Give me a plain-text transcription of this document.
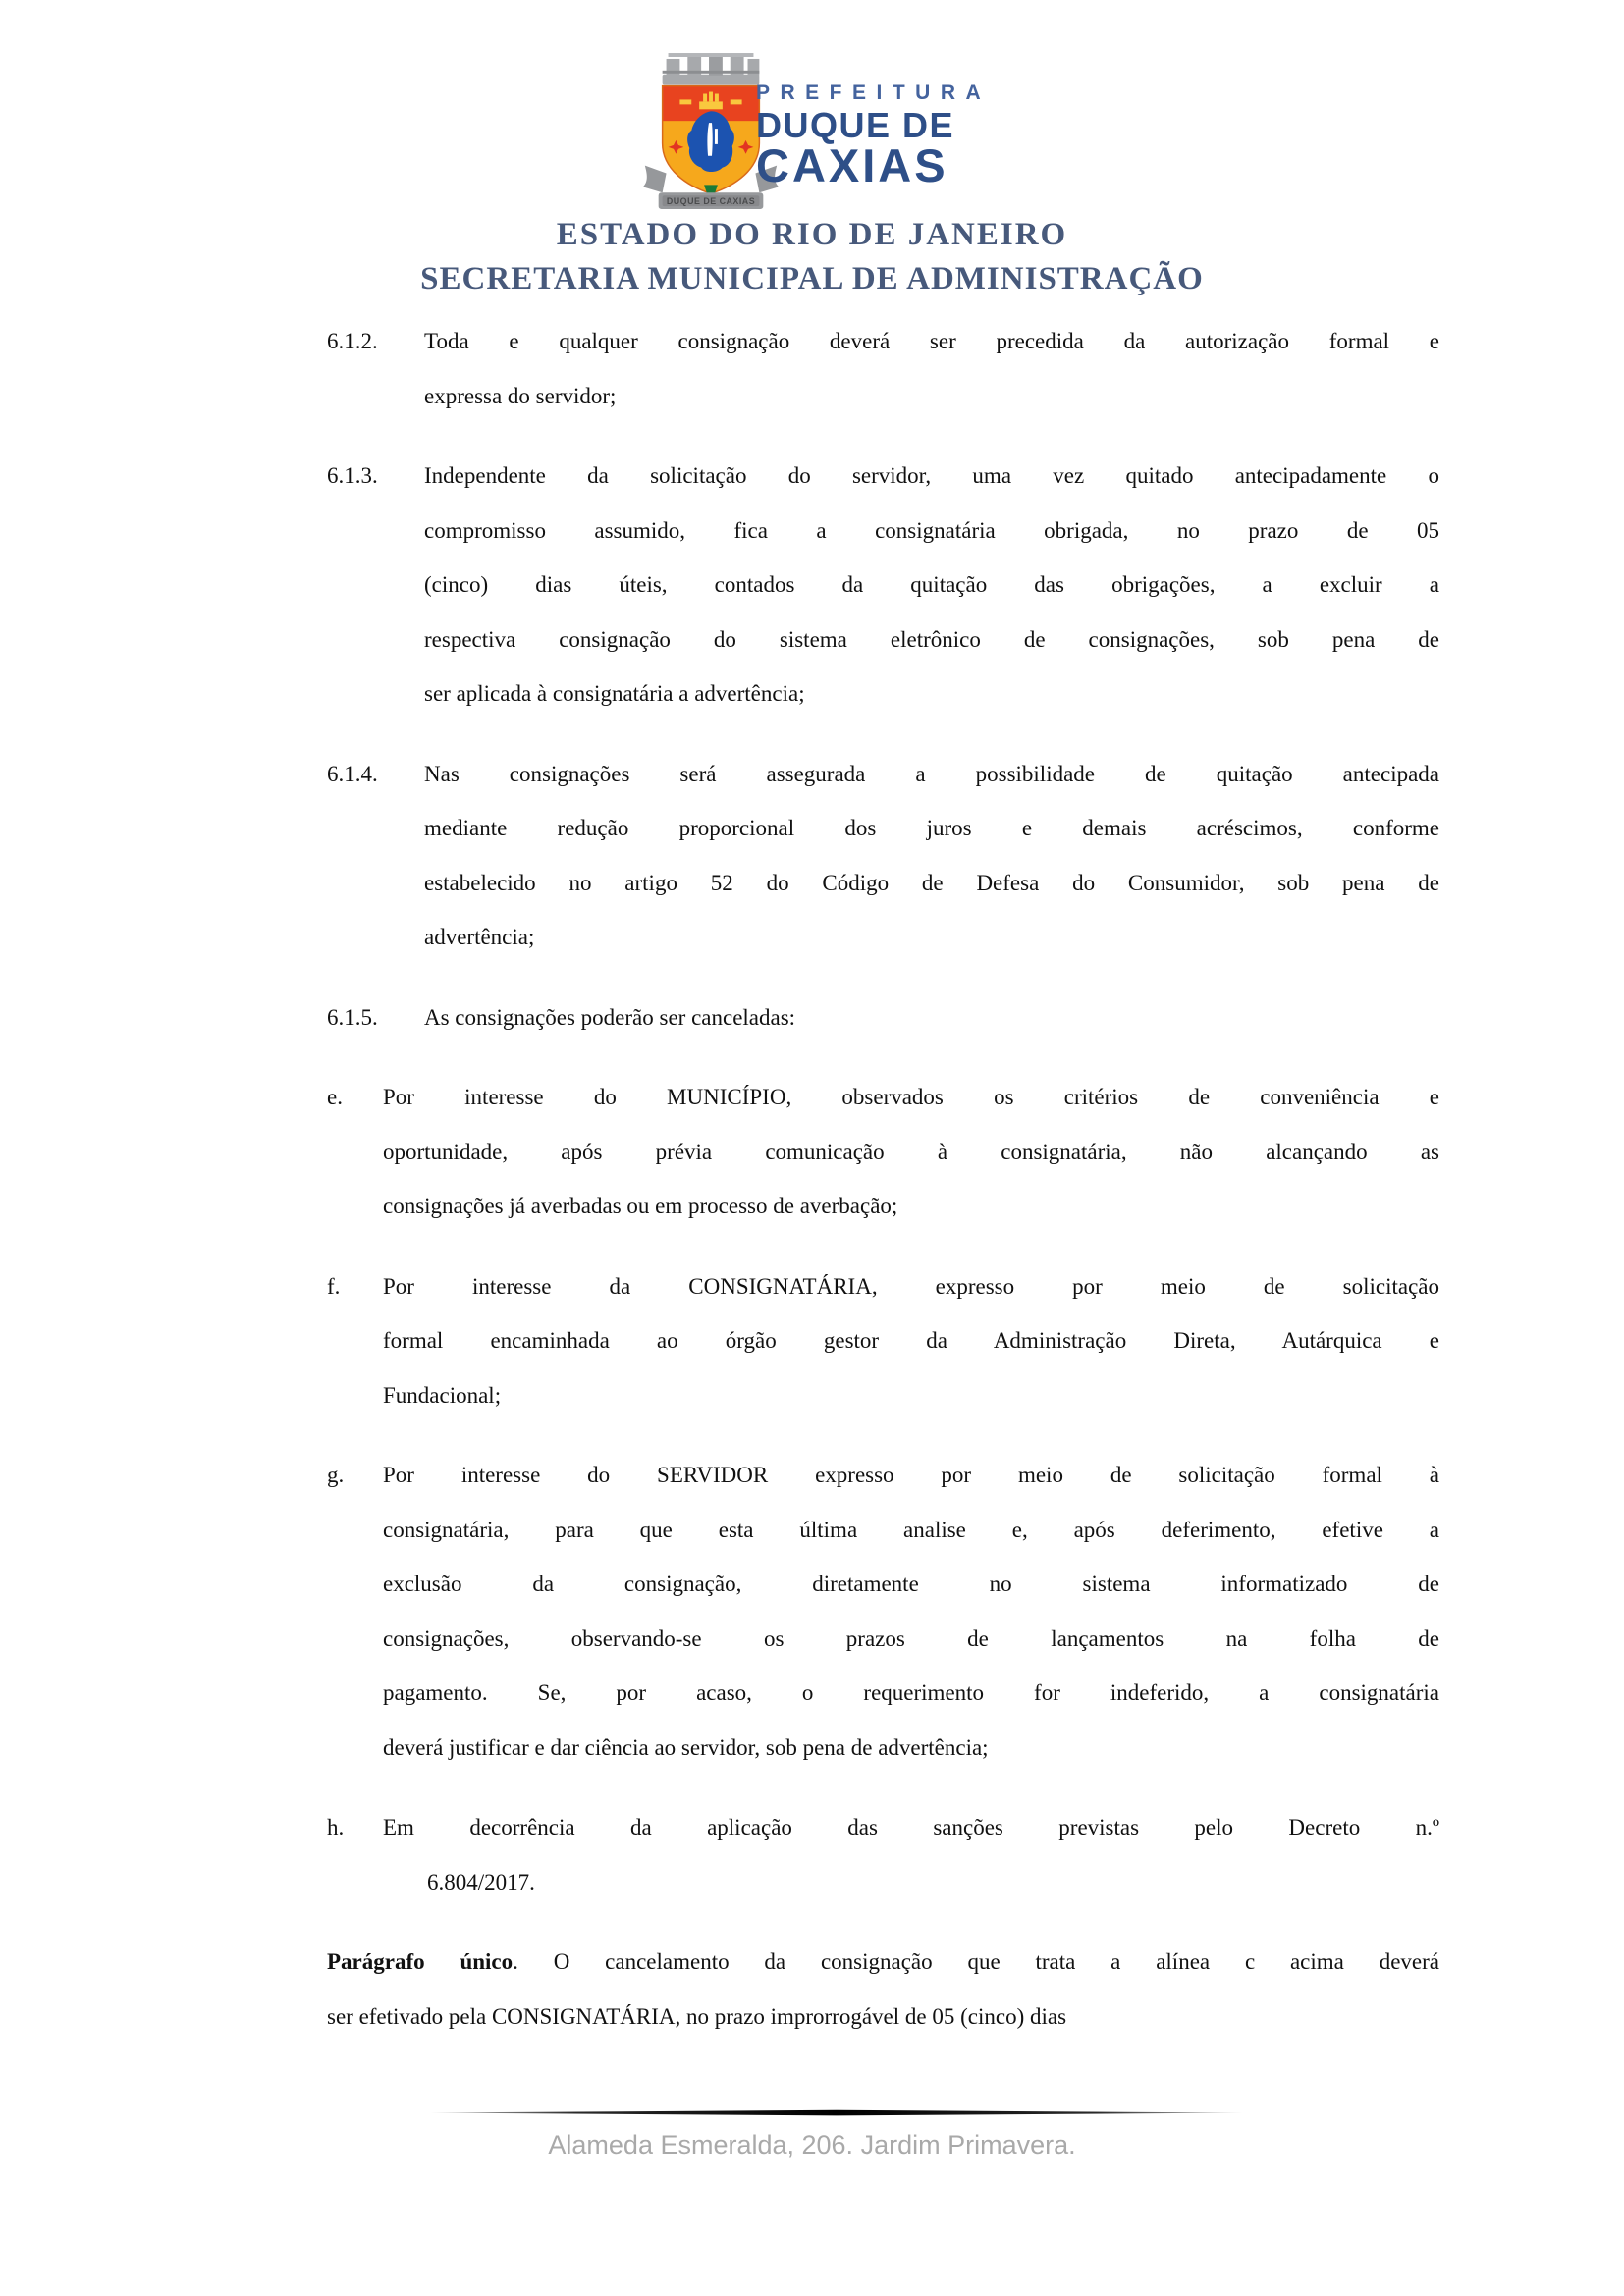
DUQUE DE CAXIAS
PREFEITURA
DUQUE DE
CAXIAS
ESTADO DO RIO DE JANEIRO
SECRETARIA MUNICIPAL DE ADMINISTRAÇÃO
6.1.2.	Toda e qualquer consignação deverá ser precedida da autorização formal e
expressa do servidor;
6.1.3.	Independente da solicitação do servidor, uma vez quitado antecipadamente o
compromisso assumido, fica a consignatária obrigada, no prazo de 05
(cinco) dias úteis, contados da quitação das obrigações, a excluir a
respectiva consignação do sistema eletrônico de consignações, sob pena de
ser aplicada à consignatária a advertência;
6.1.4.	Nas consignações será assegurada a possibilidade de quitação antecipada
mediante redução proporcional dos juros e demais acréscimos, conforme
estabelecido no artigo 52 do Código de Defesa do Consumidor, sob pena de
advertência;
6.1.5.	As consignações poderão ser canceladas:
e.	Por interesse do MUNICÍPIO, observados os critérios de conveniência e
oportunidade, após prévia comunicação à consignatária, não alcançando as
consignações já averbadas ou em processo de averbação;
f.	Por interesse da CONSIGNATÁRIA, expresso por meio de solicitação
formal encaminhada ao órgão gestor da Administração Direta, Autárquica e
Fundacional;
g.	Por interesse do SERVIDOR expresso por meio de solicitação formal à
consignatária, para que esta última analise e, após deferimento, efetive a
exclusão da consignação, diretamente no sistema informatizado de
consignações, observando-se os prazos de lançamentos na folha de
pagamento. Se, por acaso, o requerimento for indeferido, a consignatária
deverá justificar e dar ciência ao servidor, sob pena de advertência;
h.	Em decorrência da aplicação das sanções previstas pelo Decreto n.º
6.804/2017.
Parágrafo único. O cancelamento da consignação que trata a alínea c acima deverá
ser efetivado pela CONSIGNATÁRIA, no prazo improrrogável de 05 (cinco) dias
Alameda Esmeralda, 206. Jardim Primavera.
